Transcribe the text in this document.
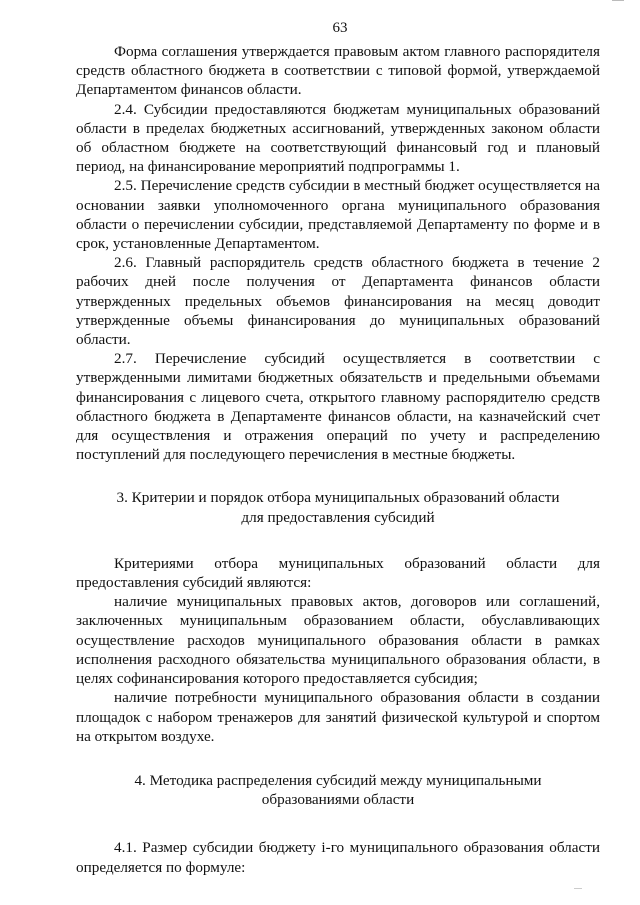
63

Форма соглашения утверждается правовым актом главного распорядителя средств областного бюджета в соответствии с типовой формой, утверждаемой Департаментом финансов области.

2.4. Субсидии предоставляются бюджетам муниципальных образований области в пределах бюджетных ассигнований, утвержденных законом области об областном бюджете на соответствующий финансовый год и плановый период, на финансирование мероприятий подпрограммы 1.

2.5. Перечисление средств субсидии в местный бюджет осуществляется на основании заявки уполномоченного органа муниципального образования области о перечислении субсидии, представляемой Департаменту по форме и в срок, установленные Департаментом.

2.6. Главный распорядитель средств областного бюджета в течение 2 рабочих дней после получения от Департамента финансов области утвержденных предельных объемов финансирования на месяц доводит утвержденные объемы финансирования до муниципальных образований области.

2.7. Перечисление субсидий осуществляется в соответствии с утвержденными лимитами бюджетных обязательств и предельными объемами финансирования с лицевого счета, открытого главному распорядителю средств областного бюджета в Департаменте финансов области, на казначейский счет для осуществления и отражения операций по учету и распределению поступлений для последующего перечисления в местные бюджеты.

3. Критерии и порядок отбора муниципальных образований области
для предоставления субсидий

Критериями отбора муниципальных образований области для предоставления субсидий являются:

наличие муниципальных правовых актов, договоров или соглашений, заключенных муниципальным образованием области, обуславливающих осуществление расходов муниципального образования области в рамках исполнения расходного обязательства муниципального образования области, в целях софинансирования которого предоставляется субсидия;

наличие потребности муниципального образования области в создании площадок с набором тренажеров для занятий физической культурой и спортом на открытом воздухе.

4. Методика распределения субсидий между муниципальными
образованиями области

4.1. Размер субсидии бюджету i-го муниципального образования области определяется по формуле:
